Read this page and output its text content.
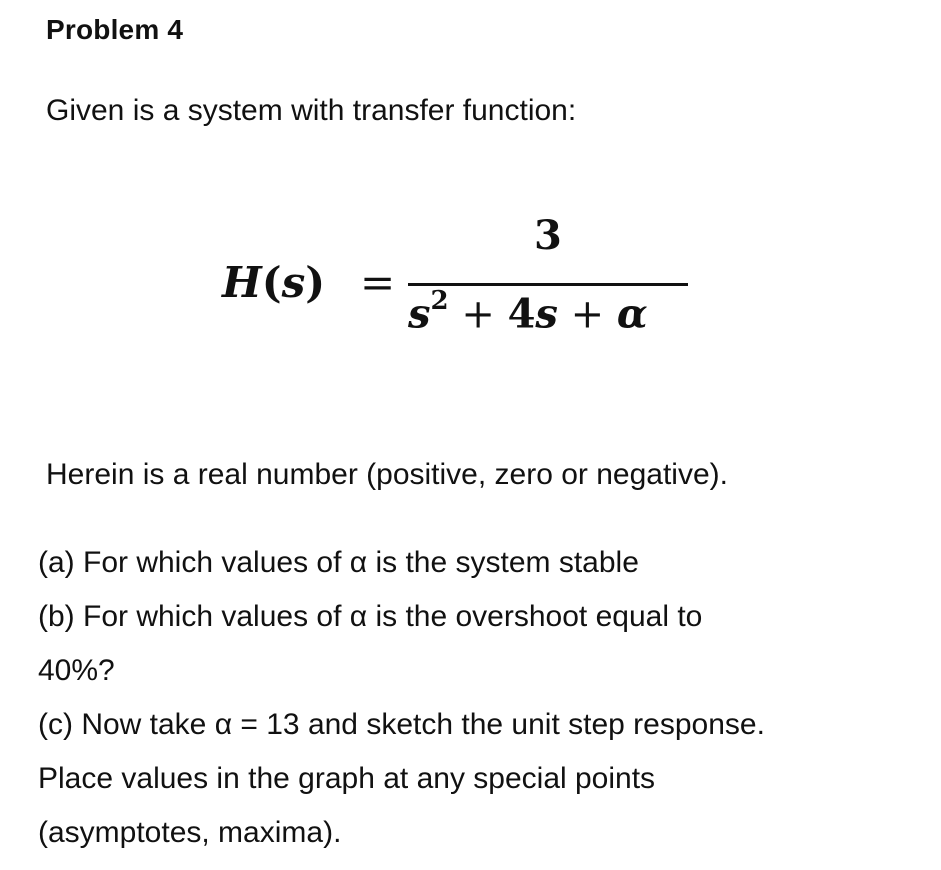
Problem 4
Given is a system with transfer function:
H(s) =
3
$s^2 + 4s + \alpha$
Herein is a real number (positive, zero or negative).
(a) For which values of α is the system stable
(b) For which values of α is the overshoot equal to
40%?
(c) Now take α = 13 and sketch the unit step response.
Place values in the graph at any special points
(asymptotes, maxima).
